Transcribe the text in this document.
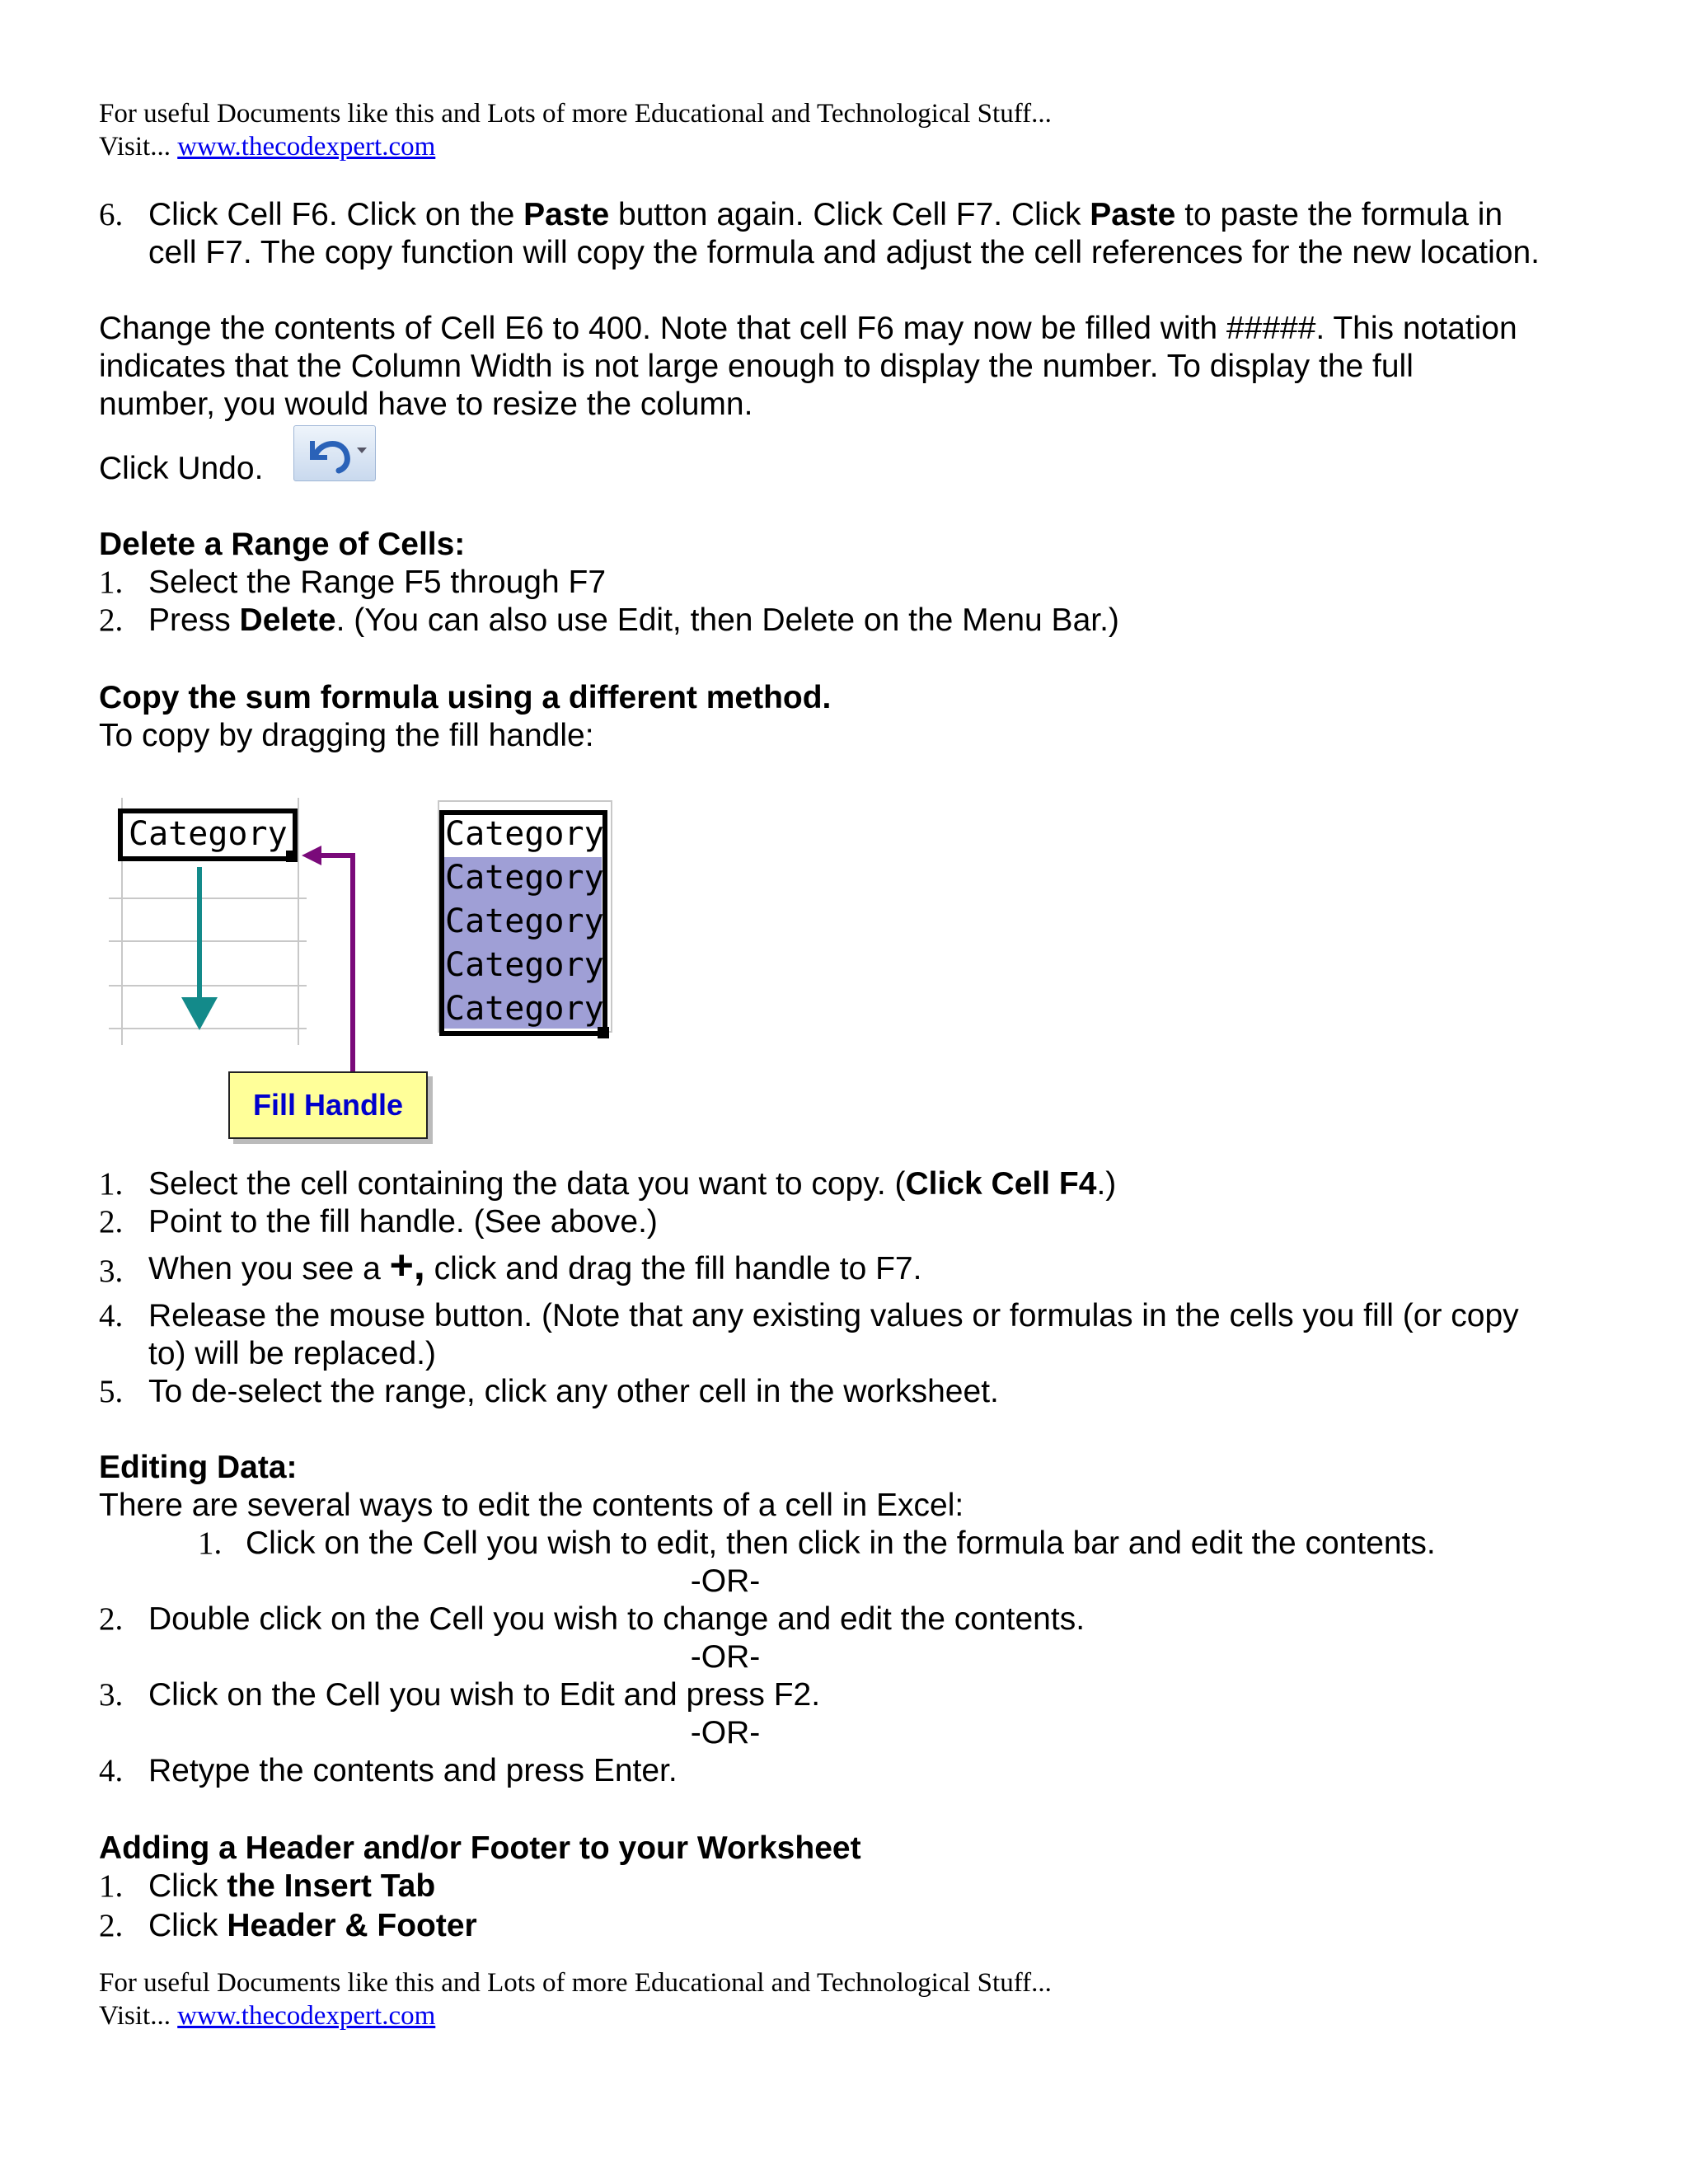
For useful Documents like this and Lots of more Educational and Technological Stuff...
Visit... www.thecodexpert.com
6. Click Cell F6. Click on the Paste button again. Click Cell F7. Click Paste to paste the formula in
cell F7. The copy function will copy the formula and adjust the cell references for the new location.
Change the contents of Cell E6 to 400. Note that cell F6 may now be filled with #####. This notation
indicates that the Column Width is not large enough to display the number. To display the full
number, you would have to resize the column.
Click Undo.
Delete a Range of Cells:
1. Select the Range F5 through F7
2. Press Delete. (You can also use Edit, then Delete on the Menu Bar.)
Copy the sum formula using a different method.
To copy by dragging the fill handle:
Category	Category
Category
Category
Category
Category
Fill Handle
1. Select the cell containing the data you want to copy. (Click Cell F4.)
2. Point to the fill handle. (See above.)
3. When you see a +, click and drag the fill handle to F7.
4. Release the mouse button. (Note that any existing values or formulas in the cells you fill (or copy
to) will be replaced.)
5. To de-select the range, click any other cell in the worksheet.
Editing Data:
There are several ways to edit the contents of a cell in Excel:
1. Click on the Cell you wish to edit, then click in the formula bar and edit the contents.
-OR-
2. Double click on the Cell you wish to change and edit the contents.
-OR-
3. Click on the Cell you wish to Edit and press F2.
-OR-
4. Retype the contents and press Enter.
Adding a Header and/or Footer to your Worksheet
1. Click the Insert Tab
2. Click Header & Footer
For useful Documents like this and Lots of more Educational and Technological Stuff...
Visit... www.thecodexpert.com
